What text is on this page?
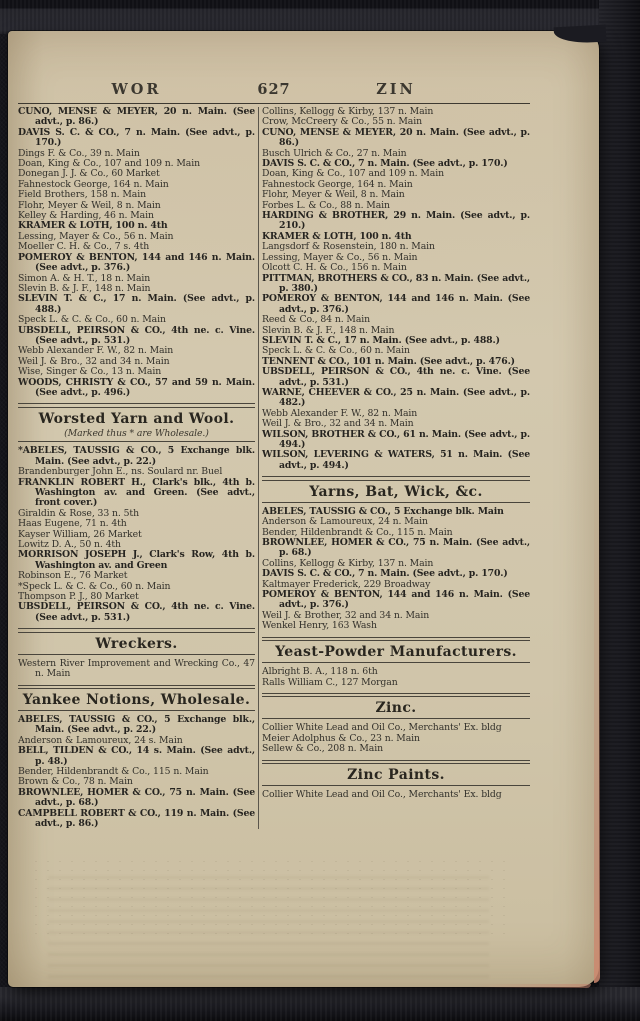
WOR	627	ZIN

CUNO, MENSE & MEYER, 20 n. Main. (See advt., p. 86.)

DAVIS S. C. & CO., 7 n. Main. (See advt., p. 170.)

Dings F. & Co., 39 n. Main

Doan, King & Co., 107 and 109 n. Main

Donegan J. J. & Co., 60 Market

Fahnestock George, 164 n. Main

Field Brothers, 158 n. Main

Flohr, Meyer & Weil, 8 n. Main

Kelley & Harding, 46 n. Main

KRAMER & LOTH, 100 n. 4th

Lessing, Mayer & Co., 56 n. Main

Moeller C. H. & Co., 7 s. 4th

POMEROY & BENTON, 144 and 146 n. Main. (See advt., p. 376.)

Simon A. & H. T., 18 n. Main

Slevin B. & J. F., 148 n. Main

SLEVIN T. & C., 17 n. Main. (See advt., p. 488.)

Speck L. & C. & Co., 60 n. Main

UBSDELL, PEIRSON & CO., 4th ne. c. Vine. (See advt., p. 531.)

Webb Alexander F. W., 82 n. Main

Weil J. & Bro., 32 and 34 n. Main

Wise, Singer & Co., 13 n. Main

WOODS, CHRISTY & CO., 57 and 59 n. Main. (See advt., p. 496.)

Worsted Yarn and Wool.

(Marked thus * are Wholesale.)

*ABELES, TAUSSIG & CO., 5 Exchange blk. Main. (See advt., p. 22.)

Brandenburger John E., ns. Soulard nr. Buel

FRANKLIN ROBERT H., Clark's blk., 4th b. Washington av. and Green. (See advt., front cover.)

Giraldin & Rose, 33 n. 5th

Haas Eugene, 71 n. 4th

Kayser William, 26 Market

Lowitz D. A., 50 n. 4th

MORRISON JOSEPH J., Clark's Row, 4th b. Washington av. and Green

Robinson E., 76 Market

*Speck L. & C. & Co., 60 n. Main

Thompson P. J., 80 Market

UBSDELL, PEIRSON & CO., 4th ne. c. Vine. (See advt., p. 531.)

Wreckers.

Western River Improvement and Wrecking Co., 47 n. Main

Yankee Notions, Wholesale.

ABELES, TAUSSIG & CO., 5 Exchange blk., Main. (See advt., p. 22.)

Anderson & Lamoureux, 24 s. Main

BELL, TILDEN & CO., 14 s. Main. (See advt., p. 48.)

Bender, Hildenbrandt & Co., 115 n. Main

Brown & Co., 78 n. Main

BROWNLEE, HOMER & CO., 75 n. Main. (See advt., p. 68.)

CAMPBELL ROBERT & CO., 119 n. Main. (See advt., p. 86.)

Collins, Kellogg & Kirby, 137 n. Main

Crow, McCreery & Co., 55 n. Main

CUNO, MENSE & MEYER, 20 n. Main. (See advt., p. 86.)

Busch Ulrich & Co., 27 n. Main

DAVIS S. C. & CO., 7 n. Main. (See advt., p. 170.)

Doan, King & Co., 107 and 109 n. Main

Fahnestock George, 164 n. Main

Flohr, Meyer & Weil, 8 n. Main

Forbes L. & Co., 88 n. Main

HARDING & BROTHER, 29 n. Main. (See advt., p. 210.)

KRAMER & LOTH, 100 n. 4th

Langsdorf & Rosenstein, 180 n. Main

Lessing, Mayer & Co., 56 n. Main

Olcott C. H. & Co., 156 n. Main

PITTMAN, BROTHERS & CO., 83 n. Main. (See advt., p. 380.)

POMEROY & BENTON, 144 and 146 n. Main. (See advt., p. 376.)

Reed & Co., 84 n. Main

Slevin B. & J. F., 148 n. Main

SLEVIN T. & C., 17 n. Main. (See advt., p. 488.)

Speck L. & C. & Co., 60 n. Main

TENNENT & CO., 101 n. Main. (See advt., p. 476.)

UBSDELL, PEIRSON & CO., 4th ne. c. Vine. (See advt., p. 531.)

WARNE, CHEEVER & CO., 25 n. Main. (See advt., p. 482.)

Webb Alexander F. W., 82 n. Main

Weil J. & Bro., 32 and 34 n. Main

WILSON, BROTHER & CO., 61 n. Main. (See advt., p. 494.)

WILSON, LEVERING & WATERS, 51 n. Main. (See advt., p. 494.)

Yarns, Bat, Wick, &c.

ABELES, TAUSSIG & CO., 5 Exchange blk. Main

Anderson & Lamoureux, 24 n. Main

Bender, Hildenbrandt & Co., 115 n. Main

BROWNLEE, HOMER & CO., 75 n. Main. (See advt., p. 68.)

Collins, Kellogg & Kirby, 137 n. Main

DAVIS S. C. & CO., 7 n. Main. (See advt., p. 170.)

Kaltmayer Frederick, 229 Broadway

POMEROY & BENTON, 144 and 146 n. Main. (See advt., p. 376.)

Weil J. & Brother, 32 and 34 n. Main

Wenkel Henry, 163 Wash

Yeast-Powder Manufacturers.

Albright B. A., 118 n. 6th

Ralls William C., 127 Morgan

Zinc.

Collier White Lead and Oil Co., Merchants' Ex. bldg

Meier Adolphus & Co., 23 n. Main

Sellew & Co., 208 n. Main

Zinc Paints.

Collier White Lead and Oil Co., Merchants' Ex. bldg
